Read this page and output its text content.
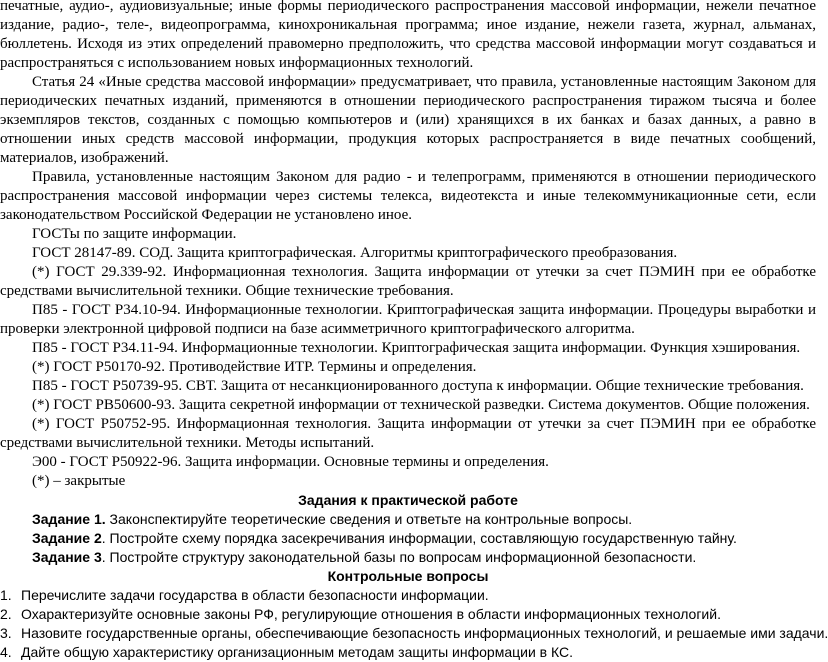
печатные, аудио-, аудиовизуальные; иные формы периодического распространения массовой информации, нежели печатное издание, радио-, теле-, видеопрограмма, кинохроникальная программа; иное издание, нежели газета, журнал, альманах, бюллетень. Исходя из этих определений правомерно предположить, что средства массовой информации могут создаваться и распространяться с использованием новых информационных технологий.

Статья 24 «Иные средства массовой информации» предусматривает, что правила, установленные настоящим Законом для периодических печатных изданий, применяются в отношении периодического распространения тиражом тысяча и более экземпляров текстов, созданных с помощью компьютеров и (или) хранящихся в их банках и базах данных, а равно в отношении иных средств массовой информации, продукция которых распространяется в виде печатных сообщений, материалов, изображений.

Правила, установленные настоящим Законом для радио - и телепрограмм, применяются в отношении периодического распространения массовой информации через системы телекса, видеотекста и иные телекоммуникационные сети, если законодательством Российской Федерации не установлено иное.

ГОСТы по защите информации.

ГОСТ 28147-89. СОД. Защита криптографическая. Алгоритмы криптографического преобразования.

(*) ГОСТ 29.339-92. Информационная технология. Защита информации от утечки за счет ПЭМИН при ее обработке средствами вычислительной техники. Общие технические требования.

П85 - ГОСТ Р34.10-94. Информационные технологии. Криптографическая защита информации. Процедуры выработки и проверки электронной цифровой подписи на базе асимметричного криптографического алгоритма.

П85 - ГОСТ Р34.11-94. Информационные технологии. Криптографическая защита информации. Функция хэширования.

(*) ГОСТ Р50170-92. Противодействие ИТР. Термины и определения.

П85 - ГОСТ Р50739-95. СВТ. Защита от несанкционированного доступа к информации. Общие технические требования.

(*) ГОСТ РВ50600-93. Защита секретной информации от технической разведки. Система документов. Общие положения.

(*) ГОСТ Р50752-95. Информационная технология. Защита информации от утечки за счет ПЭМИН при ее обработке средствами вычислительной техники. Методы испытаний.

Э00 - ГОСТ Р50922-96. Защита информации. Основные термины и определения.

(*) – закрытые

Задания к практической работе

Задание 1. Законспектируйте теоретические сведения и ответьте на контрольные вопросы.

Задание 2. Постройте схему порядка засекречивания информации, составляющую государственную тайну.

Задание 3. Постройте структуру законодательной базы по вопросам информационной безопасности.

Контрольные вопросы

1. Перечислите задачи государства в области безопасности информации.
2. Охарактеризуйте основные законы РФ, регулирующие отношения в области информационных технологий.
3. Назовите государственные органы, обеспечивающие безопасность информационных технологий, и решаемые ими задачи.
4. Дайте общую характеристику организационным методам защиты информации в КС.
